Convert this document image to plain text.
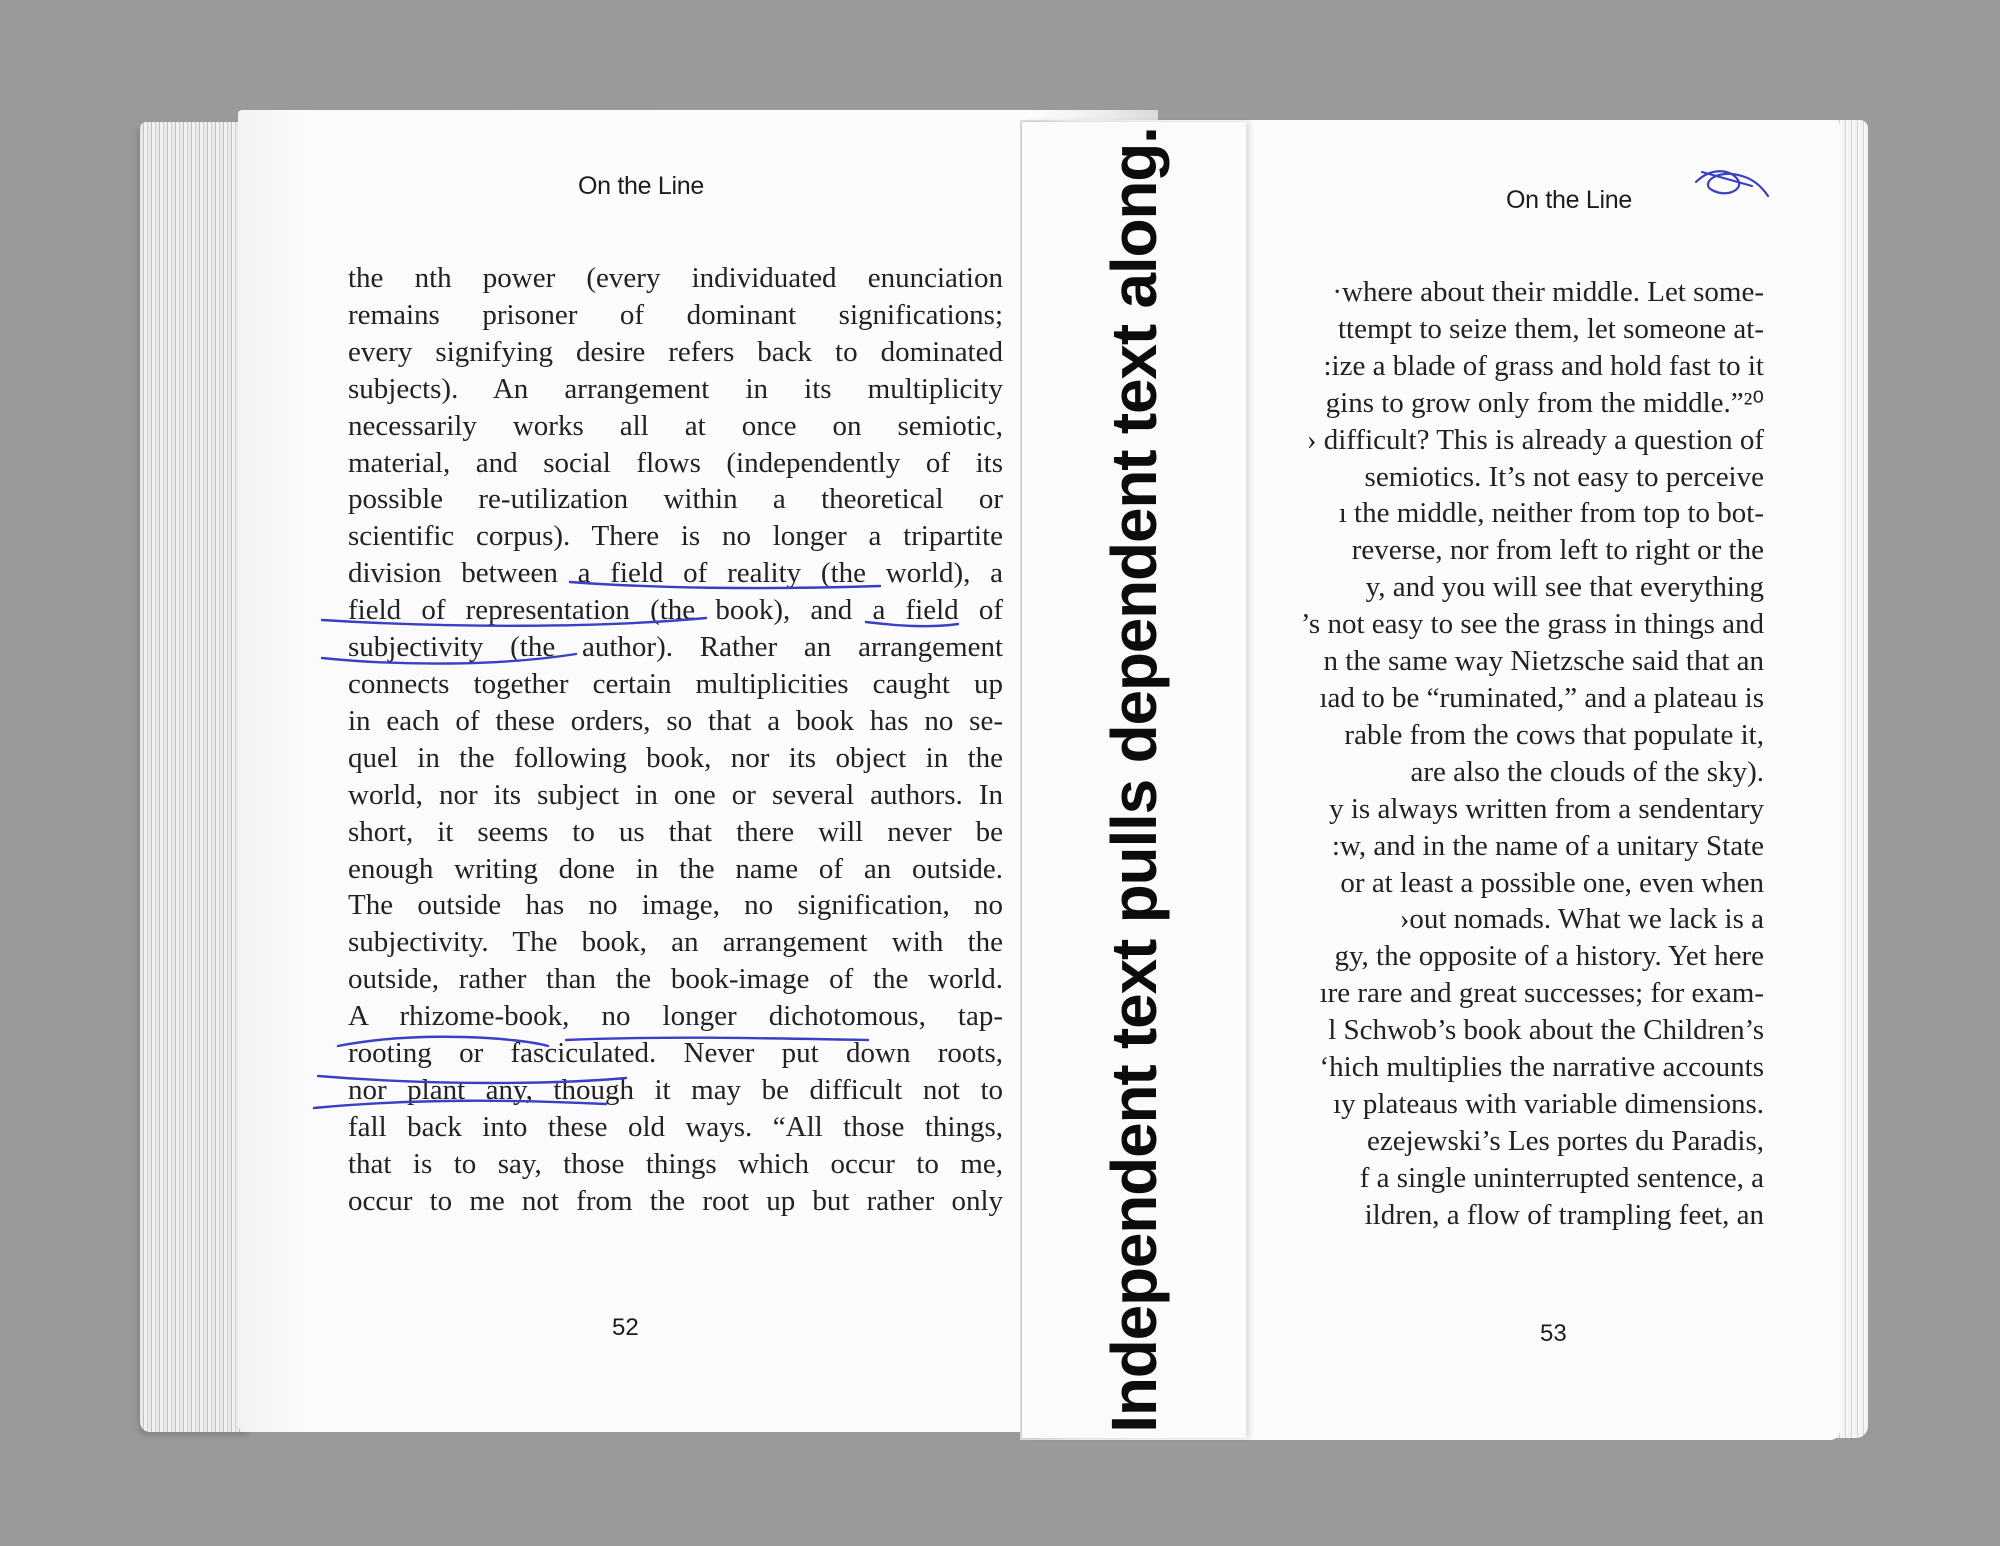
On the Line
the nth power (every individuated enunciation
remains prisoner of dominant significations;
every signifying desire refers back to dominated
subjects). An arrangement in its multiplicity
necessarily works all at once on semiotic,
material, and social flows (independently of its
possible re-utilization within a theoretical or
scientific corpus). There is no longer a tripartite
division between a field of reality (the world), a
field of representation (the book), and a field of
subjectivity (the author). Rather an arrangement
connects together certain multiplicities caught up
in each of these orders, so that a book has no se-
quel in the following book, nor its object in the
world, nor its subject in one or several authors. In
short, it seems to us that there will never be
enough writing done in the name of an outside.
The outside has no image, no signification, no
subjectivity. The book, an arrangement with the
outside, rather than the book-image of the world.
A rhizome-book, no longer dichotomous, tap-
rooting or fasciculated. Never put down roots,
nor plant any, though it may be difficult not to
fall back into these old ways. “All those things,
that is to say, those things which occur to me,
occur to me not from the root up but rather only
52
On the Line
·where about their middle. Let some-
ttempt to seize them, let someone at-
:ize a blade of grass and hold fast to it
gins to grow only from the middle.”²⁰
› difficult? This is already a question of
semiotics. It’s not easy to perceive
ı the middle, neither from top to bot-
reverse, nor from left to right or the
y, and you will see that everything
’s not easy to see the grass in things and
n the same way Nietzsche said that an
ıad to be “ruminated,” and a plateau is
rable from the cows that populate it,
are also the clouds of the sky).
y is always written from a sendentary
:w, and in the name of a unitary State
or at least a possible one, even when
›out nomads. What we lack is a
gy, the opposite of a history. Yet here
ıre rare and great successes; for exam-
l Schwob’s book about the Children’s
‘hich multiplies the narrative accounts
ıy plateaus with variable dimensions.
ezejewski’s Les portes du Paradis,
f a single uninterrupted sentence, a
ildren, a flow of trampling feet, an
53
Independent text pulls dependent text along.
